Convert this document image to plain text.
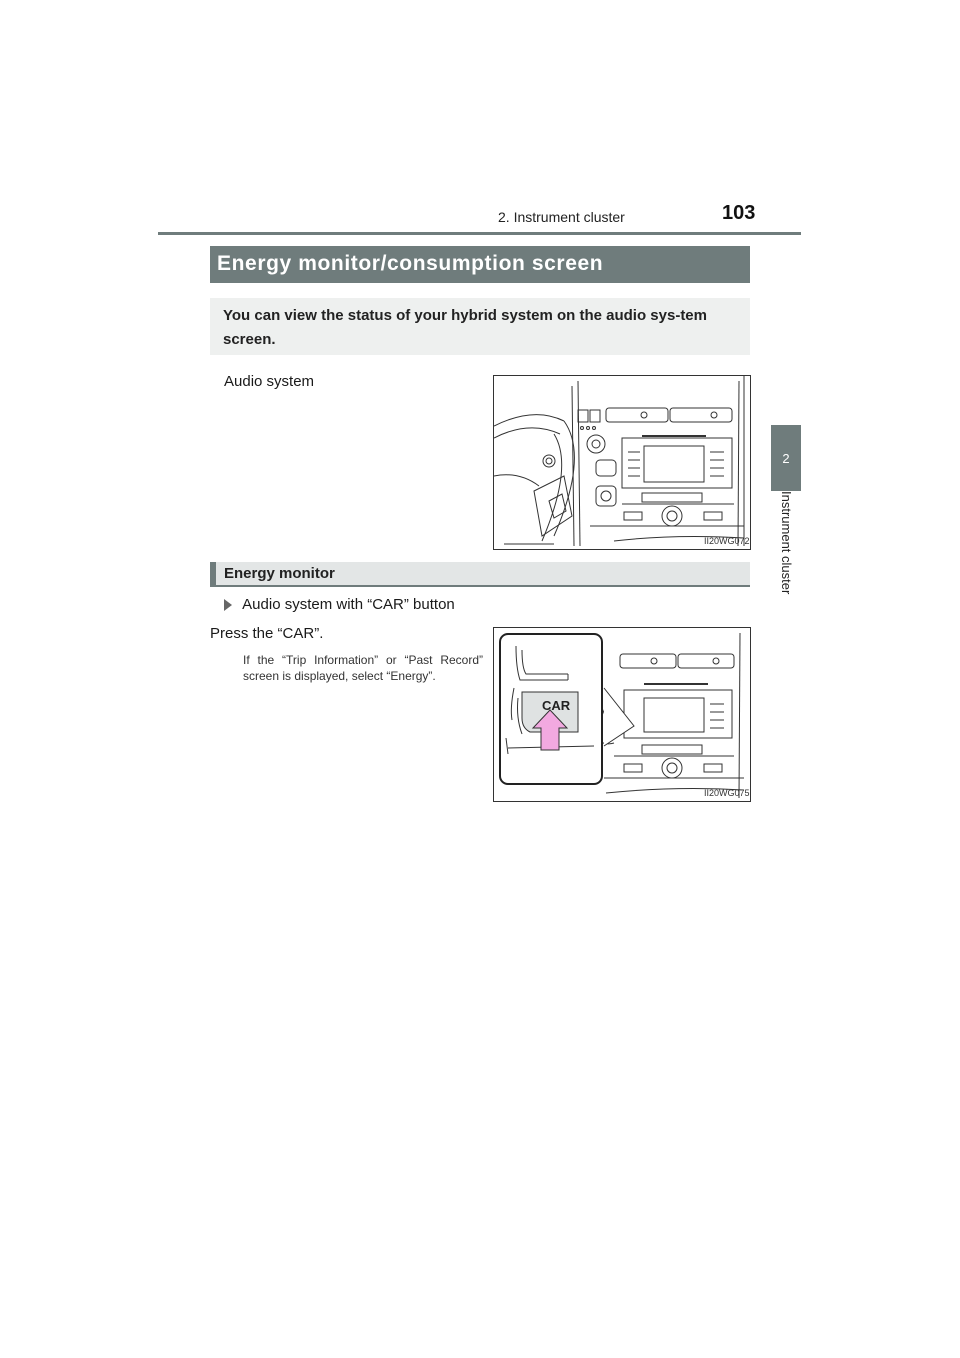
2. Instrument cluster	103
2
Instrument cluster
Energy monitor/consumption screen
You can view the status of your hybrid system on the audio sys-tem screen.
Audio system
II20WG072
Energy monitor
Audio system with “CAR” button
Press the “CAR”.
If the “Trip Information” or “Past Record” screen is displayed, select “Energy”.
CAR
II20WG075
